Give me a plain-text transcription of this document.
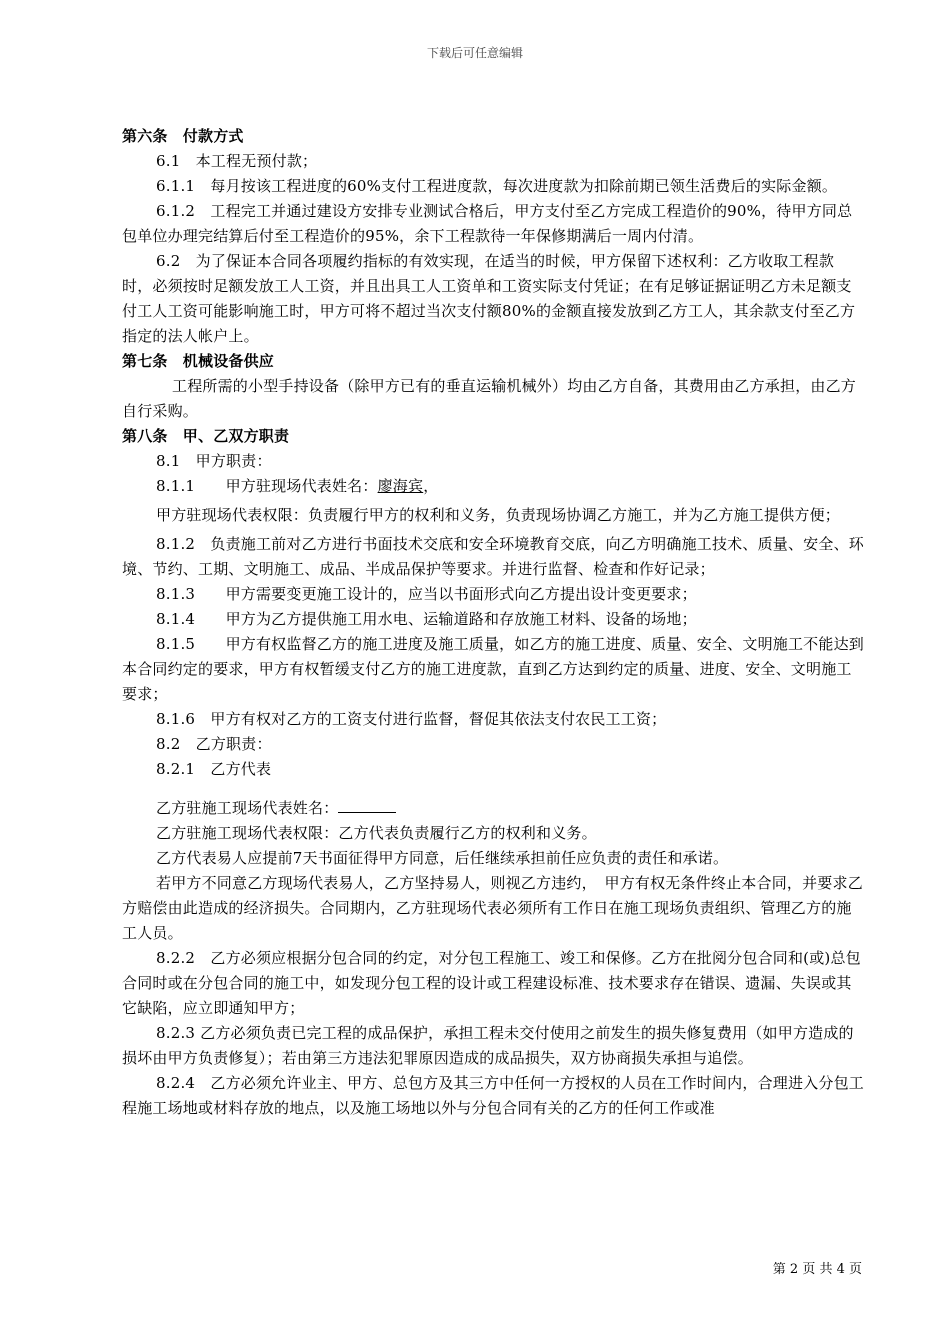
下载后可任意编辑

第六条　付款方式

6.1　本工程无预付款；

6.1.1　每月按该工程进度的60%支付工程进度款，每次进度款为扣除前期已领生活费后的实际金额。

6.1.2　工程完工并通过建设方安排专业测试合格后，甲方支付至乙方完成工程造价的90%，待甲方同总包单位办理完结算后付至工程造价的95%，余下工程款待一年保修期满后一周内付清。

6.2　为了保证本合同各项履约指标的有效实现，在适当的时候，甲方保留下述权利：乙方收取工程款时，必须按时足额发放工人工资，并且出具工人工资单和工资实际支付凭证；在有足够证据证明乙方未足额支付工人工资可能影响施工时，甲方可将不超过当次支付额80%的金额直接发放到乙方工人，其余款支付至乙方指定的法人帐户上。

第七条　机械设备供应

工程所需的小型手持设备（除甲方已有的垂直运输机械外）均由乙方自备，其费用由乙方承担，由乙方自行采购。

第八条　甲、乙双方职责

8.1　甲方职责：

8.1.1　　甲方驻现场代表姓名：廖海宾，

甲方驻现场代表权限：负责履行甲方的权利和义务，负责现场协调乙方施工，并为乙方施工提供方便；

8.1.2　负责施工前对乙方进行书面技术交底和安全环境教育交底，向乙方明确施工技术、质量、安全、环境、节约、工期、文明施工、成品、半成品保护等要求。并进行监督、检查和作好记录；

8.1.3　　甲方需要变更施工设计的，应当以书面形式向乙方提出设计变更要求；

8.1.4　　甲方为乙方提供施工用水电、运输道路和存放施工材料、设备的场地；

8.1.5　　甲方有权监督乙方的施工进度及施工质量，如乙方的施工进度、质量、安全、文明施工不能达到本合同约定的要求，甲方有权暂缓支付乙方的施工进度款，直到乙方达到约定的质量、进度、安全、文明施工要求；

8.1.6　甲方有权对乙方的工资支付进行监督，督促其依法支付农民工工资；

8.2　乙方职责：

8.2.1　乙方代表

乙方驻施工现场代表姓名：

乙方驻施工现场代表权限：乙方代表负责履行乙方的权利和义务。

乙方代表易人应提前7天书面征得甲方同意，后任继续承担前任应负责的责任和承诺。

若甲方不同意乙方现场代表易人，乙方坚持易人，则视乙方违约，　甲方有权无条件终止本合同，并要求乙方赔偿由此造成的经济损失。合同期内，乙方驻现场代表必须所有工作日在施工现场负责组织、管理乙方的施工人员。

8.2.2　乙方必须应根据分包合同的约定，对分包工程施工、竣工和保修。乙方在批阅分包合同和(或)总包合同时或在分包合同的施工中，如发现分包工程的设计或工程建设标准、技术要求存在错误、遗漏、失误或其它缺陷，应立即通知甲方；

8.2.3 乙方必须负责已完工程的成品保护，承担工程未交付使用之前发生的损失修复费用（如甲方造成的损坏由甲方负责修复）；若由第三方违法犯罪原因造成的成品损失，双方协商损失承担与追偿。

8.2.4　乙方必须允许业主、甲方、总包方及其三方中任何一方授权的人员在工作时间内，合理进入分包工程施工场地或材料存放的地点，以及施工场地以外与分包合同有关的乙方的任何工作或准

第 2 页 共 4 页
